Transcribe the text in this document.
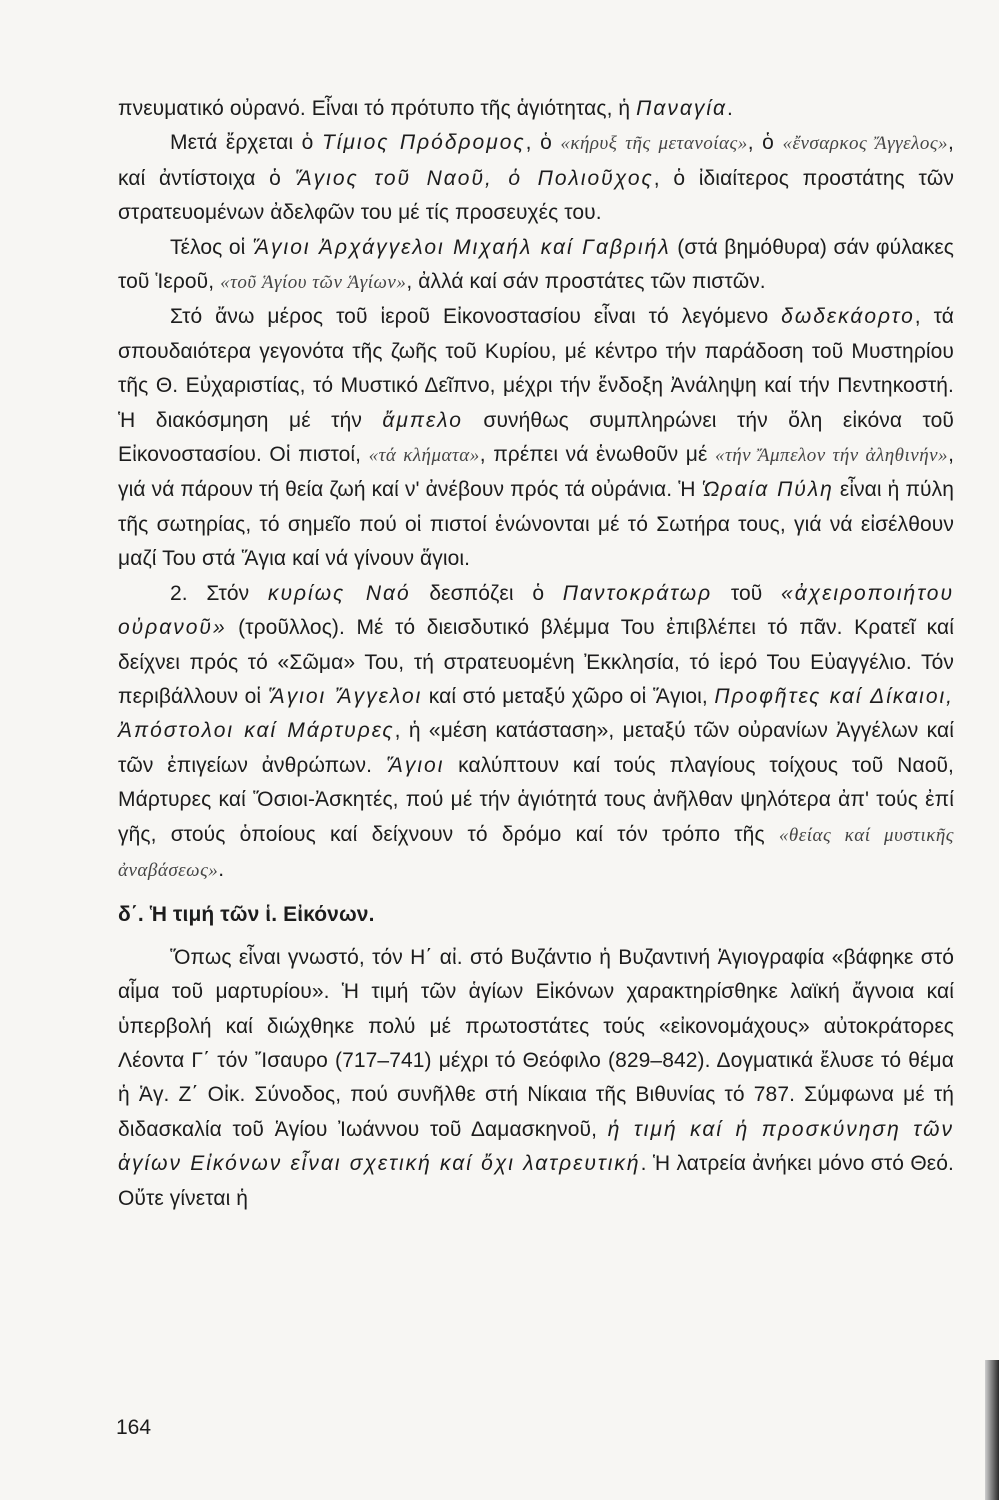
πνευματικό οὐρανό. Εἶναι τό πρότυπο τῆς ἁγιότητας, ἡ Παναγία.

Μετά ἔρχεται ὁ Τίμιος Πρόδρομος, ὁ «κήρυξ τῆς μετανοίας», ὁ «ἔνσαρκος Ἄγγελος», καί ἀντίστοιχα ὁ Ἅγιος τοῦ Ναοῦ, ὁ Πολιοῦχος, ὁ ἰδιαίτερος προστάτης τῶν στρατευομένων ἀδελφῶν του μέ τίς προσευχές του.

Τέλος οἱ Ἅγιοι Ἀρχάγγελοι Μιχαήλ καί Γαβριήλ (στά βημόθυρα) σάν φύλακες τοῦ Ἱεροῦ, «τοῦ Ἁγίου τῶν Ἁγίων», ἀλλά καί σάν προστάτες τῶν πιστῶν.

Στό ἄνω μέρος τοῦ ἱεροῦ Εἰκονοστασίου εἶναι τό λεγόμενο δωδεκάορτο, τά σπουδαιότερα γεγονότα τῆς ζωῆς τοῦ Κυρίου, μέ κέντρο τήν παράδοση τοῦ Μυστηρίου τῆς Θ. Εὐχαριστίας, τό Μυστικό Δεῖπνο, μέχρι τήν ἔνδοξη Ἀνάληψη καί τήν Πεντηκοστή. Ἡ διακόσμηση μέ τήν ἄμπελο συνήθως συμπληρώνει τήν ὅλη εἰκόνα τοῦ Εἰκονοστασίου. Οἱ πιστοί, «τά κλήματα», πρέπει νά ἑνωθοῦν μέ «τήν Ἄμπελον τήν ἀληθινήν», γιά νά πάρουν τή θεία ζωή καί ν' ἀνέβουν πρός τά οὐράνια. Ἡ Ὡραία Πύλη εἶναι ἡ πύλη τῆς σωτηρίας, τό σημεῖο πού οἱ πιστοί ἑνώνονται μέ τό Σωτήρα τους, γιά νά εἰσέλθουν μαζί Του στά Ἅγια καί νά γίνουν ἅγιοι.

2. Στόν κυρίως Ναό δεσπόζει ὁ Παντοκράτωρ τοῦ «ἀχειροποιήτου οὐρανοῦ» (τροῦλλος). Μέ τό διεισδυτικό βλέμμα Του ἐπιβλέπει τό πᾶν. Κρατεῖ καί δείχνει πρός τό «Σῶμα» Του, τή στρατευομένη Ἐκκλησία, τό ἱερό Του Εὐαγγέλιο. Τόν περιβάλλουν οἱ Ἅγιοι Ἄγγελοι καί στό μεταξύ χῶρο οἱ Ἅγιοι, Προφῆτες καί Δίκαιοι, Ἀπόστολοι καί Μάρτυρες, ἡ «μέση κατάσταση», μεταξύ τῶν οὐρανίων Ἀγγέλων καί τῶν ἐπιγείων ἀνθρώπων. Ἅγιοι καλύπτουν καί τούς πλαγίους τοίχους τοῦ Ναοῦ, Μάρτυρες καί Ὅσιοι-Ἀσκητές, πού μέ τήν ἁγιότητά τους ἀνῆλθαν ψηλότερα ἀπ' τούς ἐπί γῆς, στούς ὁποίους καί δείχνουν τό δρόμο καί τόν τρόπο τῆς «θείας καί μυστικῆς ἀναβάσεως».

δ΄. Ἡ τιμή τῶν ἱ. Εἰκόνων.

Ὅπως εἶναι γνωστό, τόν Η΄ αἰ. στό Βυζάντιο ἡ Βυζαντινή Ἁγιογραφία «βάφηκε στό αἷμα τοῦ μαρτυρίου». Ἡ τιμή τῶν ἁγίων Εἰκόνων χαρακτηρίσθηκε λαϊκή ἄγνοια καί ὑπερβολή καί διώχθηκε πολύ μέ πρωτοστάτες τούς «εἰκονομάχους» αὐτοκράτορες Λέοντα Γ΄ τόν Ἴσαυρο (717–741) μέχρι τό Θεόφιλο (829–842). Δογματικά ἔλυσε τό θέμα ἡ Ἁγ. Ζ΄ Οἰκ. Σύνοδος, πού συνῆλθε στή Νίκαια τῆς Βιθυνίας τό 787. Σύμφωνα μέ τή διδασκαλία τοῦ Ἁγίου Ἰωάννου τοῦ Δαμασκηνοῦ, ἡ τιμή καί ἡ προσκύνηση τῶν ἁγίων Εἰκόνων εἶναι σχετική καί ὄχι λατρευτική. Ἡ λατρεία ἀνήκει μόνο στό Θεό. Οὔτε γίνεται ἡ

164
